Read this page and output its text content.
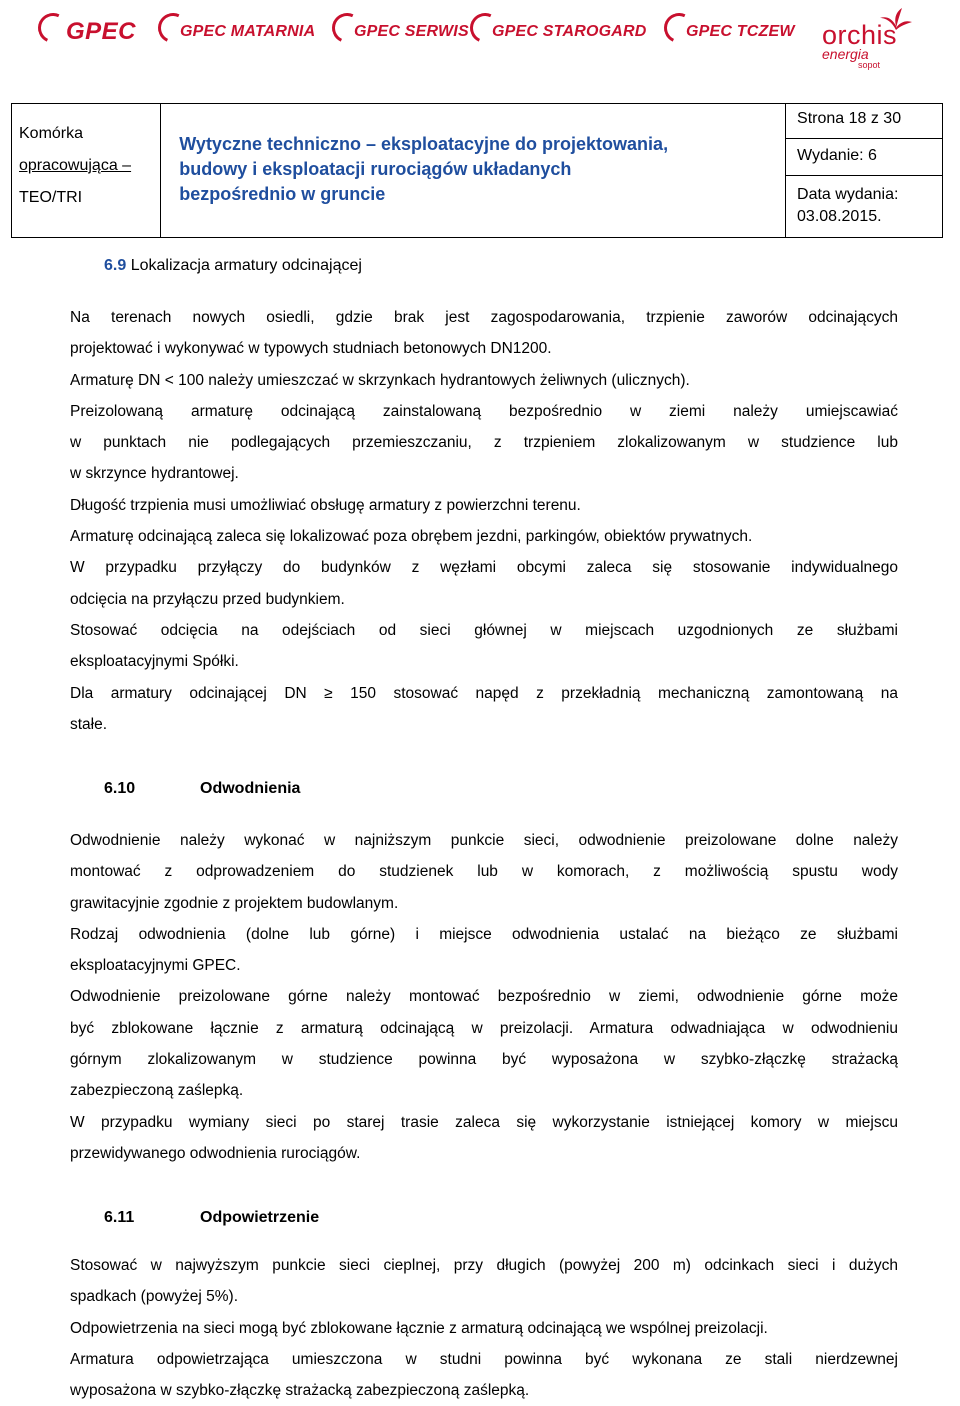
GPEC	GPEC MATARNIA	GPEC SERWIS	GPEC STAROGARD	GPEC TCZEW orchis
energia
sopot
Komórka
opracowująca –
TEO/TRI

Wytyczne techniczno – eksploatacyjne do projektowania,
budowy i eksploatacji rurociągów układanych
bezpośrednio w gruncie

Strona 18 z 30
Wydanie: 6
Data wydania:
03.08.2015.
6.9 Lokalizacja armatury odcinającej
Na terenach nowych osiedli, gdzie brak jest zagospodarowania, trzpienie zaworów odcinających
projektować i wykonywać w typowych studniach betonowych DN1200.
Armaturę DN < 100 należy umieszczać w skrzynkach hydrantowych żeliwnych (ulicznych).
Preizolowaną armaturę odcinającą zainstalowaną bezpośrednio w ziemi należy umiejscawiać
w punktach nie podlegających przemieszczaniu, z trzpieniem zlokalizowanym w studzience lub
w skrzynce hydrantowej.
Długość trzpienia musi umożliwiać obsługę armatury z powierzchni terenu.
Armaturę odcinającą zaleca się lokalizować poza obrębem jezdni, parkingów, obiektów prywatnych.
W przypadku przyłączy do budynków z węzłami obcymi zaleca się stosowanie indywidualnego
odcięcia na przyłączu przed budynkiem.
Stosować odcięcia na odejściach od sieci głównej w miejscach uzgodnionych ze służbami
eksploatacyjnymi Spółki.
Dla armatury odcinającej DN ≥ 150 stosować napęd z przekładnią mechaniczną zamontowaną na
stałe.
6.10	Odwodnienia
Odwodnienie należy wykonać w najniższym punkcie sieci, odwodnienie preizolowane dolne należy
montować z odprowadzeniem do studzienek lub w komorach, z możliwością spustu wody
grawitacyjnie zgodnie z projektem budowlanym.
Rodzaj odwodnienia (dolne lub górne) i miejsce odwodnienia ustalać na bieżąco ze służbami
eksploatacyjnymi GPEC.
Odwodnienie preizolowane górne należy montować bezpośrednio w ziemi, odwodnienie górne może
być zblokowane łącznie z armaturą odcinającą w preizolacji. Armatura odwadniająca w odwodnieniu
górnym zlokalizowanym w studzience powinna być wyposażona w szybko-złączkę strażacką
zabezpieczoną zaślepką.
W przypadku wymiany sieci po starej trasie zaleca się wykorzystanie istniejącej komory w miejscu
przewidywanego odwodnienia rurociągów.
6.11	Odpowietrzenie
Stosować w najwyższym punkcie sieci cieplnej, przy długich (powyżej 200 m) odcinkach sieci i dużych
spadkach (powyżej 5%).
Odpowietrzenia na sieci mogą być zblokowane łącznie z armaturą odcinającą we wspólnej preizolacji.
Armatura odpowietrzająca umieszczona w studni powinna być wykonana ze stali nierdzewnej
wyposażona w szybko-złączkę strażacką zabezpieczoną zaślepką.
